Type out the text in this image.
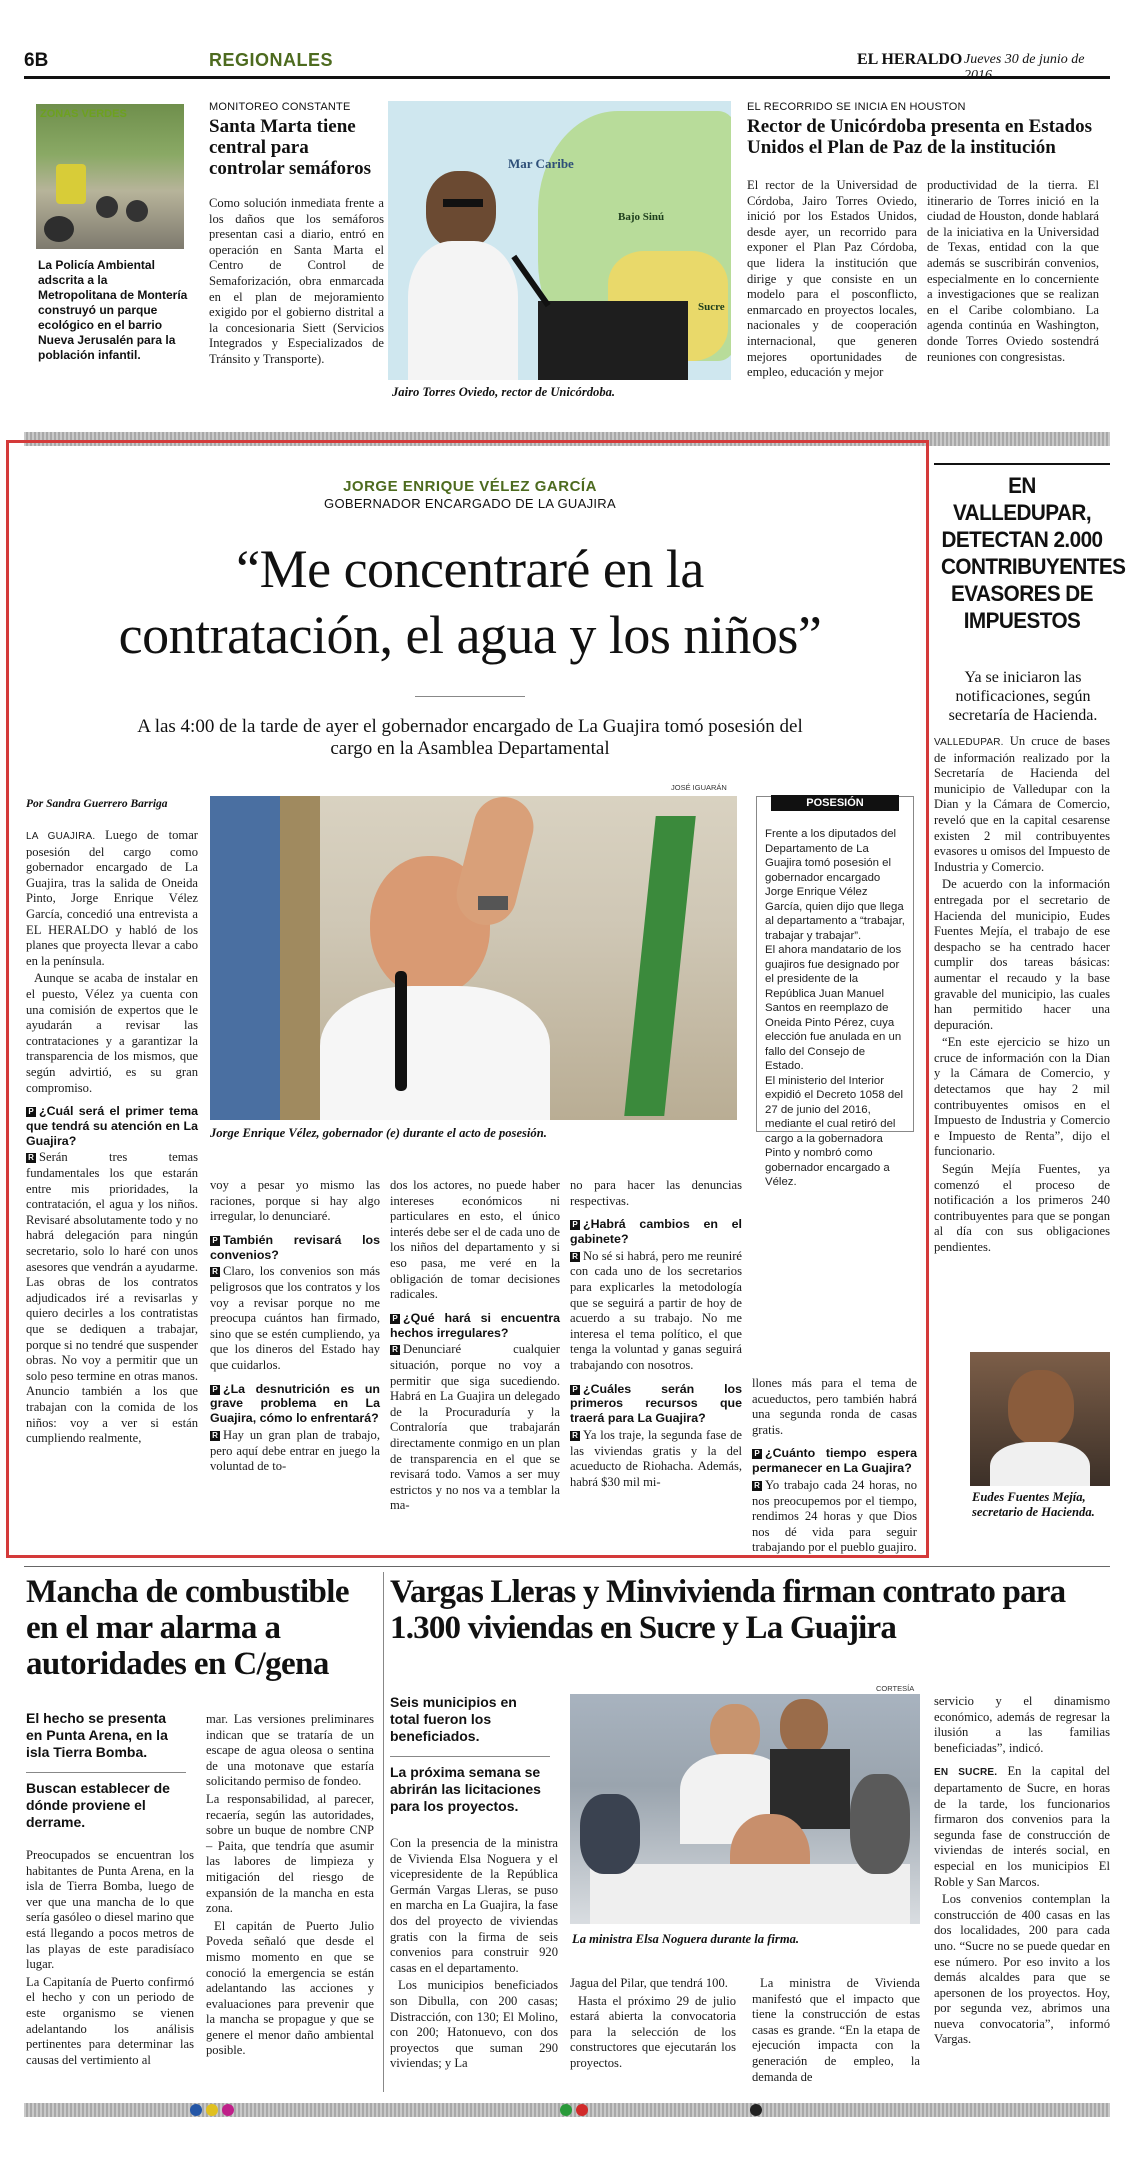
6B	REGIONALES	EL HERALDO Jueves 30 de junio de
ZONAS VERDES
La Policía Ambiental adscrita a la Metropolitana de Montería construyó un parque ecológico en el barrio Nueva Jerusalén para la población infantil.
MONITOREO CONSTANTE
Santa Marta tiene central para controlar semáforos
Como solución inmediata frente a los daños que los semáforos presentan casi a diario, entró en operación en Santa Marta el Centro de Control de Semaforización, obra enmarcada en el plan de mejoramiento exigido por el gobierno distrital a la concesionaria Siett (Servicios Integrados y Especializados de Tránsito y Transporte).
Mar Caribe
Bajo Sinú
Sucre
Jairo Torres Oviedo, rector de Unicórdoba.
EL RECORRIDO SE INICIA EN HOUSTON
Rector de Unicórdoba presenta en Estados Unidos el Plan de Paz de la institución
El rector de la Universidad de Córdoba, Jairo Torres Oviedo, inició por los Estados Unidos, desde ayer, un recorrido para exponer el Plan Paz Córdoba, que lidera la institución que dirige y que consiste en un modelo para el posconflicto, enmarcado en proyectos locales, nacionales y de cooperación internacional, que generen mejores oportunidades de empleo, educación y mejor
productividad de la tierra. El itinerario de Torres inició en la ciudad de Houston, donde hablará de la iniciativa en la Universidad de Texas, entidad con la que además se suscribirán convenios, especialmente en lo concerniente a investigaciones que se realizan en el Caribe colombiano. La agenda continúa en Washington, donde Torres Oviedo sostendrá reuniones con congresistas.
JORGE ENRIQUE VÉLEZ GARCÍA
GOBERNADOR ENCARGADO DE LA GUAJIRA
“Me concentraré en la
contratación, el agua y los niños”
A las 4:00 de la tarde de ayer el gobernador encargado de La Guajira tomó posesión del cargo en la Asamblea Departamental
Por Sandra Guerrero Barriga
JOSÉ IGUARÁN
Jorge Enrique Vélez, gobernador (e) durante el acto de posesión.
POSESIÓN
Frente a los diputados del Departamento de La Guajira tomó posesión el gobernador encargado Jorge Enrique Vélez García, quien dijo que llega al departamento a “trabajar, trabajar y trabajar”.
El ahora mandatario de los guajiros fue designado por el presidente de la República Juan Manuel Santos en reemplazo de Oneida Pinto Pérez, cuya elección fue anulada en un fallo del Consejo de Estado.
El ministerio del Interior expidió el Decreto 1058 del 27 de junio del 2016, mediante el cual retiró del cargo a la gobernadora Pinto y nombró como gobernador encargado a Vélez.

LA GUAJIRA. Luego de tomar posesión del cargo como gobernador encargado de La Guajira, tras la salida de Oneida Pinto, Jorge Enrique Vélez García, concedió una entrevista a EL HERALDO y habló de los planes que proyecta llevar a cabo en la península.

Aunque se acaba de instalar en el puesto, Vélez ya cuenta con una comisión de expertos que le ayudarán a revisar las contrataciones y a garantizar la transparencia de los mismos, que según advirtió, es su gran compromiso.

P ¿Cuál será el primer tema que tendrá su atención en La Guajira?

R Serán tres temas fundamentales los que estarán entre mis prioridades, la contratación, el agua y los niños. Revisaré absolutamente todo y no habrá delegación para ningún secretario, solo lo haré con unos asesores que vendrán a ayudarme. Las obras de los contratos adjudicados iré a revisarlas y quiero decirles a los contratistas que se dediquen a trabajar, porque si no tendré que suspender obras. No voy a permitir que un solo peso termine en otras manos. Anuncio también a los que trabajan con la comida de los niños: voy a ver si están cumpliendo realmente,

voy a pesar yo mismo las raciones, porque si hay algo irregular, lo denunciaré.

P También revisará los convenios?

R Claro, los convenios son más peligrosos que los contratos y los voy a revisar porque no me preocupa cuántos han firmado, sino que se estén cumpliendo, ya que los dineros del Estado hay que cuidarlos.

P ¿La desnutrición es un grave problema en La Guajira, cómo lo enfrentará?

R Hay un gran plan de trabajo, pero aquí debe entrar en juego la voluntad de to-

dos los actores, no puede haber intereses económicos ni particulares en esto, el único interés debe ser el de cada uno de los niños del departamento y si eso pasa, me veré en la obligación de tomar decisiones radicales.

P ¿Qué hará si encuentra hechos irregulares?

R Denunciaré cualquier situación, porque no voy a permitir que siga sucediendo. Habrá en La Guajira un delegado de la Procuraduría y la Contraloría que trabajarán directamente conmigo en un plan de transparencia en el que se revisará todo. Vamos a ser muy estrictos y no nos va a temblar la ma-

no para hacer las denuncias respectivas.

P ¿Habrá cambios en el gabinete?

R No sé si habrá, pero me reuniré con cada uno de los secretarios para explicarles la metodología que se seguirá a partir de hoy de acuerdo a su trabajo. No me interesa el tema político, el que tenga la voluntad y ganas seguirá trabajando con nosotros.

P ¿Cuáles serán los primeros recursos que traerá para La Guajira?

R Ya los traje, la segunda fase de las viviendas gratis y la del acueducto de Riohacha. Además, habrá $30 mil mi-

llones más para el tema de acueductos, pero también habrá una segunda ronda de casas gratis.

P ¿Cuánto tiempo espera permanecer en La Guajira?

R Yo trabajo cada 24 horas, no nos preocupemos por el tiempo, rendimos 24 horas y que Dios nos dé vida para seguir trabajando por el pueblo guajiro.

EN VALLEDUPAR, DETECTAN 2.000 CONTRIBUYENTES EVASORES DE IMPUESTOS
Ya se iniciaron las notificaciones, según secretaría de Hacienda.

VALLEDUPAR. Un cruce de bases de información realizado por la Secretaría de Hacienda del municipio de Valledupar con la Dian y la Cámara de Comercio, reveló que en la capital cesarense existen 2 mil contribuyentes evasores u omisos del Impuesto de Industria y Comercio.

De acuerdo con la información entregada por el secretario de Hacienda del municipio, Eudes Fuentes Mejía, el trabajo de ese despacho se ha centrado hacer cumplir dos tareas básicas: aumentar el recaudo y la base gravable del municipio, las cuales han permitido hacer una depuración.

“En este ejercicio se hizo un cruce de información con la Dian y la Cámara de Comercio, y detectamos que hay 2 mil contribuyentes omisos en el Impuesto de Industria y Comercio e Impuesto de Renta”, dijo el funcionario.

Según Mejía Fuentes, ya comenzó el proceso de notificación a los primeros 240 contribuyentes para que se pongan al día con sus obligaciones pendientes.

Eudes Fuentes Mejía, secretario de Hacienda.
Mancha de combustible en el mar alarma a autoridades en C/gena
El hecho se presenta en Punta Arena, en la isla Tierra Bomba.
Buscan establecer de dónde proviene el derrame.

Preocupados se encuentran los habitantes de Punta Arena, en la isla de Tierra Bomba, luego de ver que una mancha de lo que sería gasóleo o diesel marino que está llegando a pocos metros de las playas de este paradisíaco lugar.

La Capitanía de Puerto confirmó el hecho y con un periodo de este organismo se vienen adelantando los análisis pertinentes para determinar las causas del vertimiento al

mar. Las versiones preliminares indican que se trataría de un escape de agua oleosa o sentina de una motonave que estaría solicitando permiso de fondeo.

La responsabilidad, al parecer, recaería, según las autoridades, sobre un buque de nombre CNP – Paita, que tendría que asumir las labores de limpieza y mitigación del riesgo de expansión de la mancha en esta zona.

El capitán de Puerto Julio Poveda señaló que desde el mismo momento en que se conoció la emergencia se están adelantando las acciones y evaluaciones para prevenir que la mancha se propague y que se genere el menor daño ambiental posible.

Vargas Lleras y Minvivienda firman contrato para 1.300 viviendas en Sucre y La Guajira
Seis municipios en total fueron los beneficiados.
La próxima semana se abrirán las licitaciones para los proyectos.

Con la presencia de la ministra de Vivienda Elsa Noguera y el vicepresidente de la República Germán Vargas Lleras, se puso en marcha en La Guajira, la fase dos del proyecto de viviendas gratis con la firma de seis convenios para construir 920 casas en el departamento.

Los municipios beneficiados son Dibulla, con 200 casas; Distracción, con 130; El Molino, con 200; Hatonuevo, con dos proyectos que suman 290 viviendas; y La

CORTESÍA
La ministra Elsa Noguera durante la firma.

Jagua del Pilar, que tendrá 100.

Hasta el próximo 29 de julio estará abierta la convocatoria para la selección de los constructores que ejecutarán los proyectos.

La ministra de Vivienda manifestó que el impacto que tiene la construcción de estas casas es grande. “En la etapa de ejecución impacta con la generación de empleo, la demanda de

servicio y el dinamismo económico, además de regresar la ilusión a las familias beneficiadas”, indicó.

EN SUCRE. En la capital del departamento de Sucre, en horas de la tarde, los funcionarios firmaron dos convenios para la segunda fase de construcción de viviendas de interés social, en especial en los municipios El Roble y San Marcos.

Los convenios contemplan la construcción de 400 casas en las dos localidades, 200 para cada uno. “Sucre no se puede quedar en ese número. Por eso invito a los demás alcaldes para que se apersonen de los proyectos. Hoy, por segunda vez, abrimos una nueva convocatoria”, informó Vargas.
